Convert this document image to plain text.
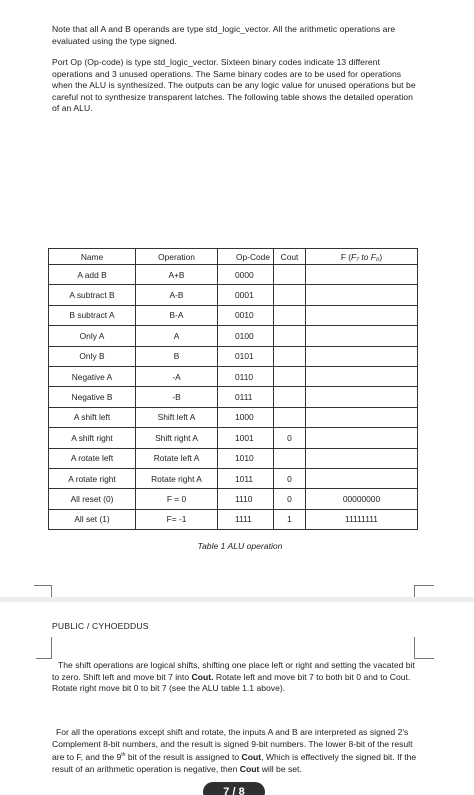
Note that all A and B operands are type std_logic_vector. All the arithmetic operations are evaluated using the type signed.

Port Op (Op-code) is type std_logic_vector. Sixteen binary codes indicate 13 different operations and 3 unused operations. The Same binary codes are to be used for operations when the ALU is synthesized. The outputs can be any logic value for unused operations but be careful not to synthesize transparent latches. The following table shows the detailed operation of an ALU.

Name	Operation	Op-Code	Cout	F (F₇ to F₀)
A add B	A+B	0000		
A subtract B	A-B	0001		
B subtract A	B-A	0010		
Only A	A	0100		
Only B	B	0101		
Negative A	-A	0110		
Negative B	-B	0111		
A shift left	Shift left A	1000		
A shift right	Shift right A	1001	0	
A rotate left	Rotate left A	1010		
A rotate right	Rotate right A	1011	0	
All reset (0)	F = 0	1110	0	00000000
All set (1)	F= -1	1111	1	11111111
Table 1 ALU operation
PUBLIC / CYHOEDDUS

The shift operations are logical shifts, shifting one place left or right and setting the vacated bit to zero. Shift left and move bit 7 into Cout. Rotate left and move bit 7 to both bit 0 and to Cout. Rotate right move bit 0 to bit 7 (see the ALU table 1.1 above).

For all the operations except shift and rotate, the inputs A and B are interpreted as signed 2's Complement 8-bit numbers, and the result is signed 9-bit numbers. The lower 8-bit of the result are to F, and the 9th bit of the result is assigned to Cout, Which is effectively the signed bit. If the result of an arithmetic operation is negative, then Cout will be set.

7 / 8
